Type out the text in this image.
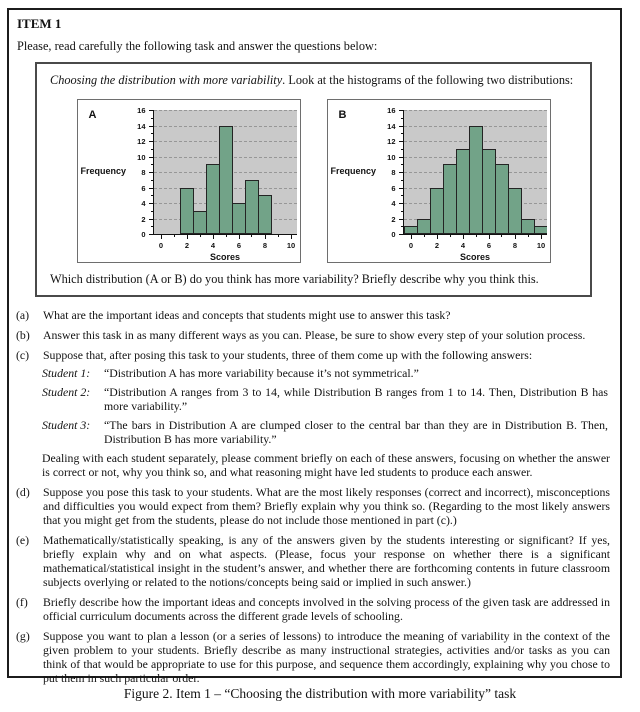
ITEM 1
Please, read carefully the following task and answer the questions below:
Choosing the distribution with more variability. Look at the histograms of the following two distributions:
A
0
2
4
6
8
10
12
14
16
0	2	4	6	8	10
Scores
Frequency
B
0
2
4
6
8
10
12
14
16
0	2	4	6	8	10
Scores
Frequency
Which distribution (A or B) do you think has more variability? Briefly describe why you think this.
(a)	What are the important ideas and concepts that students might use to answer this task?
(b)	Answer this task in as many different ways as you can. Please, be sure to show every step of your solution process.
(c)	Suppose that, after posing this task to your students, three of them come up with the following answers:
Student 1:	“Distribution A has more variability because it’s not symmetrical.”
Student 2:	“Distribution A ranges from 3 to 14, while Distribution B ranges from 1 to 14. Then, Distribution B has more variability.”
Student 3:	“The bars in Distribution A are clumped closer to the central bar than they are in Distribution B. Then, Distribution B has more variability.”
Dealing with each student separately, please comment briefly on each of these answers, focusing on whether the answer is correct or not, why you think so, and what reasoning might have led students to produce each answer.
(d)	Suppose you pose this task to your students. What are the most likely responses (correct and incorrect), misconceptions and difficulties you would expect from them? Briefly explain why you think so. (Regarding to the most likely answers that you might get from the students, please do not include those mentioned in part (c).)
(e)	Mathematically/statistically speaking, is any of the answers given by the students interesting or significant? If yes, briefly explain why and on what aspects. (Please, focus your response on whether there is a significant mathematical/statistical insight in the student’s answer, and whether there are forthcoming contents in future classroom subjects overlying or related to the notions/concepts being said or implied in such answer.)
(f)	Briefly describe how the important ideas and concepts involved in the solving process of the given task are addressed in official curriculum documents across the different grade levels of schooling.
(g)	Suppose you want to plan a lesson (or a series of lessons) to introduce the meaning of variability in the context of the given problem to your students. Briefly describe as many instructional strategies, activities and/or tasks as you can think of that would be appropriate to use for this purpose, and sequence them accordingly, explaining why you chose to put them in such particular order.
Figure 2. Item 1 – “Choosing the distribution with more variability” task
